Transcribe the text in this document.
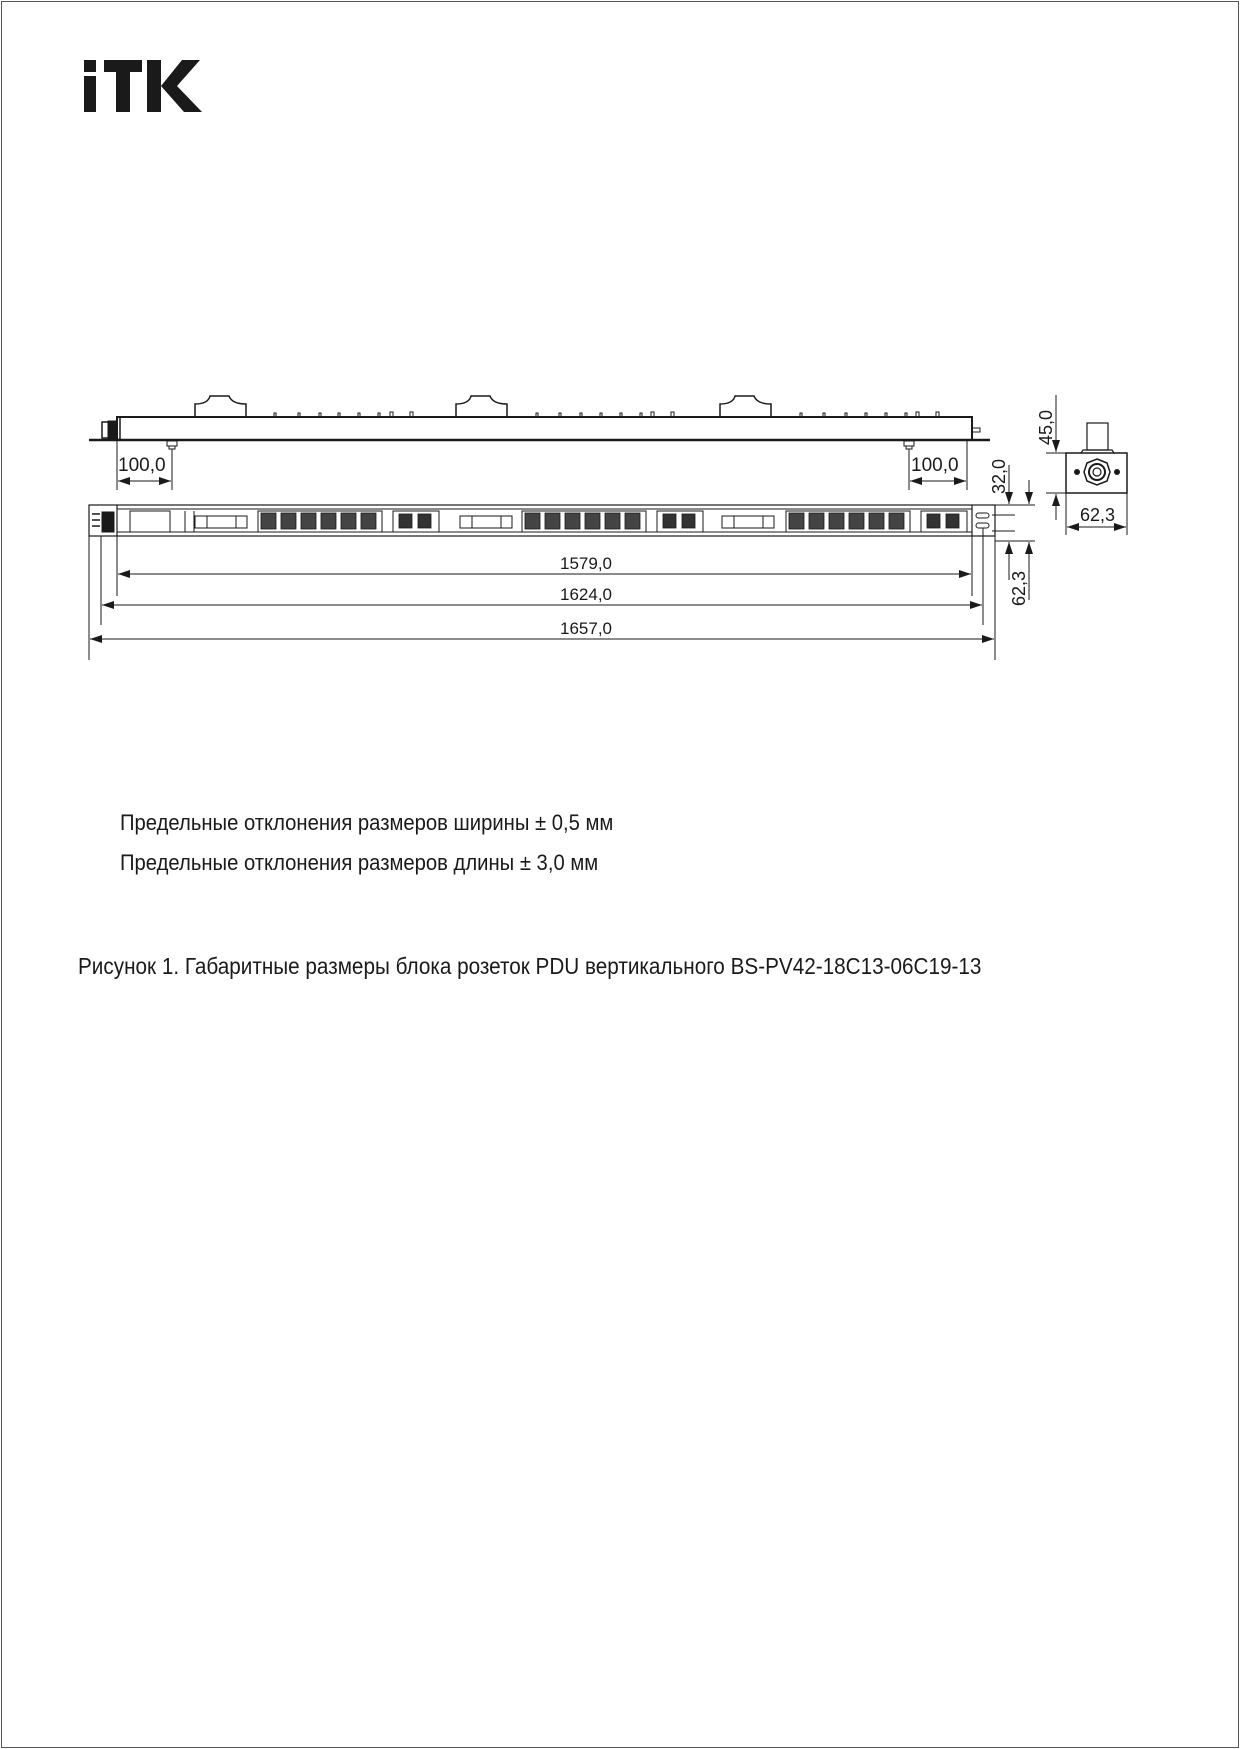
100,0	100,0
1579,0
1624,0
1657,0
32,0
62,3
45,0
62,3
Предельные отклонения размеров ширины ± 0,5 мм
Предельные отклонения размеров длины ± 3,0 мм
Рисунок 1. Габаритные размеры блока розеток PDU вертикального BS-PV42-18C13-06C19-13
